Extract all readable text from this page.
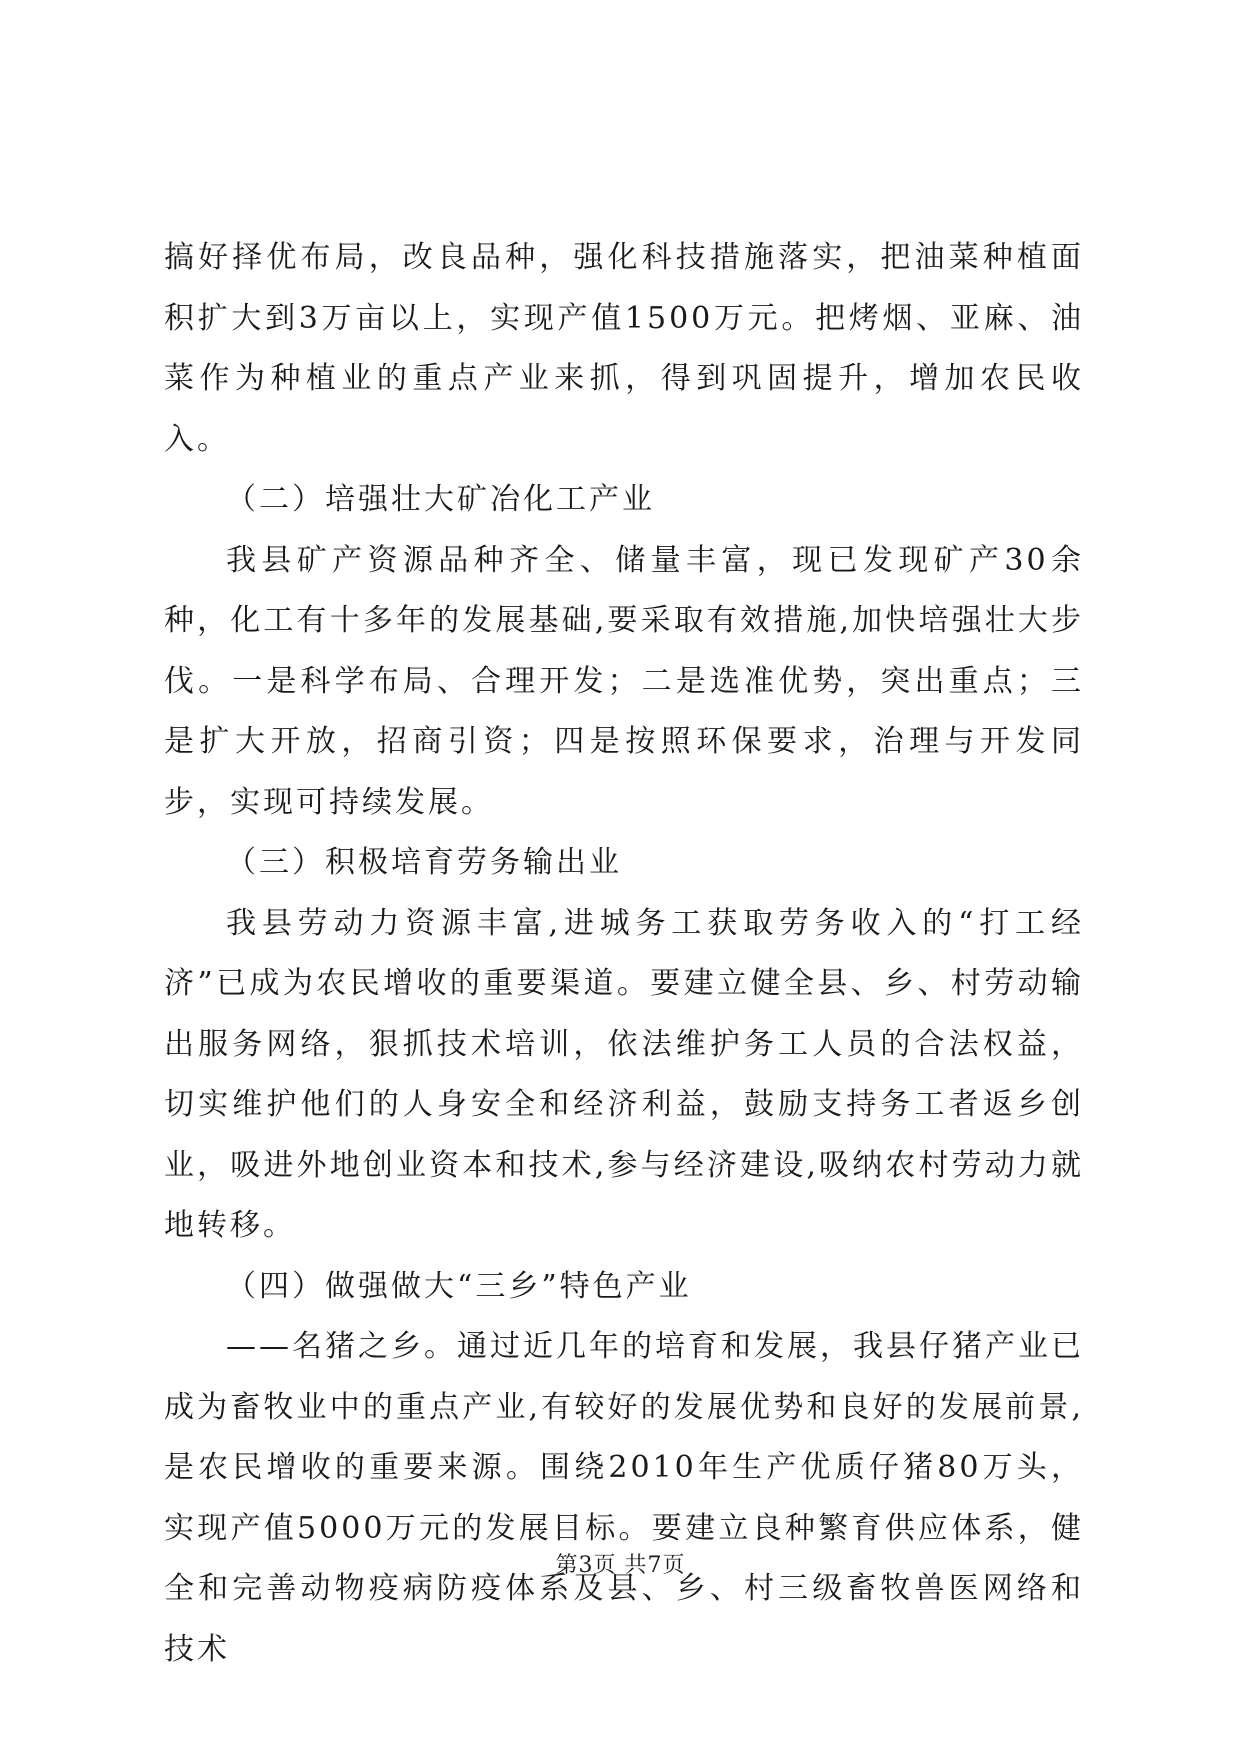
搞好择优布局，改良品种，强化科技措施落实，把油菜种植面积扩大到3万亩以上，实现产值1500万元。把烤烟、亚麻、油菜作为种植业的重点产业来抓，得到巩固提升，增加农民收入。

（二）培强壮大矿冶化工产业

我县矿产资源品种齐全、储量丰富，现已发现矿产30余种，化工有十多年的发展基础,要采取有效措施,加快培强壮大步伐。一是科学布局、合理开发；二是选准优势，突出重点；三是扩大开放，招商引资；四是按照环保要求，治理与开发同步，实现可持续发展。

（三）积极培育劳务输出业

我县劳动力资源丰富,进城务工获取劳务收入的“打工经济”已成为农民增收的重要渠道。要建立健全县、乡、村劳动输出服务网络，狠抓技术培训，依法维护务工人员的合法权益，切实维护他们的人身安全和经济利益，鼓励支持务工者返乡创业，吸进外地创业资本和技术,参与经济建设,吸纳农村劳动力就地转移。

（四）做强做大“三乡”特色产业

——名猪之乡。通过近几年的培育和发展，我县仔猪产业已成为畜牧业中的重点产业,有较好的发展优势和良好的发展前景,是农民增收的重要来源。围绕2010年生产优质仔猪80万头，实现产值5000万元的发展目标。要建立良种繁育供应体系，健全和完善动物疫病防疫体系及县、乡、村三级畜牧兽医网络和技术

第3页 共7页
